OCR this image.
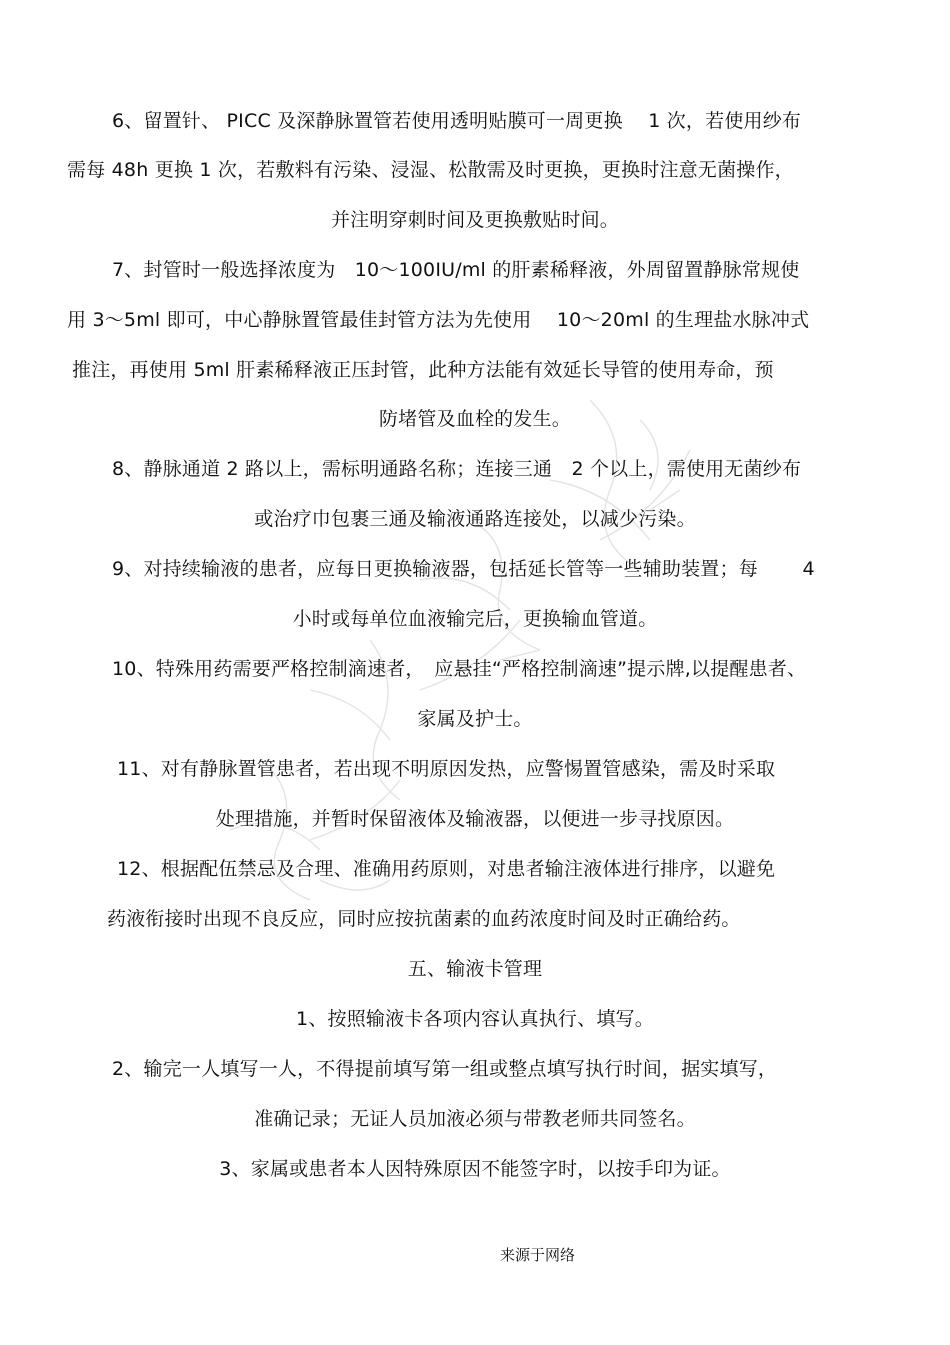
6、留置针、 PICC 及深静脉置管若使用透明贴膜可一周更换　 1 次，若使用纱布
需每 48h 更换 1 次，若敷料有污染、浸湿、松散需及时更换，更换时注意无菌操作，
并注明穿刺时间及更换敷贴时间。
7、封管时一般选择浓度为　10～100IU/ml 的肝素稀释液，外周留置静脉常规使
用 3～5ml 即可，中心静脉置管最佳封管方法为先使用　 10～20ml 的生理盐水脉冲式
推注，再使用 5ml 肝素稀释液正压封管，此种方法能有效延长导管的使用寿命，预
防堵管及血栓的发生。
8、静脉通道 2 路以上，需标明通路名称；连接三通　2 个以上，需使用无菌纱布
或治疗巾包裹三通及输液通路连接处，以减少污染。
9、对持续输液的患者，应每日更换输液器，包括延长管等一些辅助装置；每　　 4
小时或每单位血液输完后，更换输血管道。
10、特殊用药需要严格控制滴速者，　应悬挂“严格控制滴速”提示牌,以提醒患者、
家属及护士。
11、对有静脉置管患者，若出现不明原因发热，应警惕置管感染，需及时采取
处理措施，并暂时保留液体及输液器，以便进一步寻找原因。
12、根据配伍禁忌及合理、准确用药原则，对患者输注液体进行排序，以避免
药液衔接时出现不良反应，同时应按抗菌素的血药浓度时间及时正确给药。
五、输液卡管理
1、按照输液卡各项内容认真执行、填写。
2、输完一人填写一人，不得提前填写第一组或整点填写执行时间，据实填写，
准确记录；无证人员加液必须与带教老师共同签名。
3、家属或患者本人因特殊原因不能签字时，以按手印为证。
来源于网络
